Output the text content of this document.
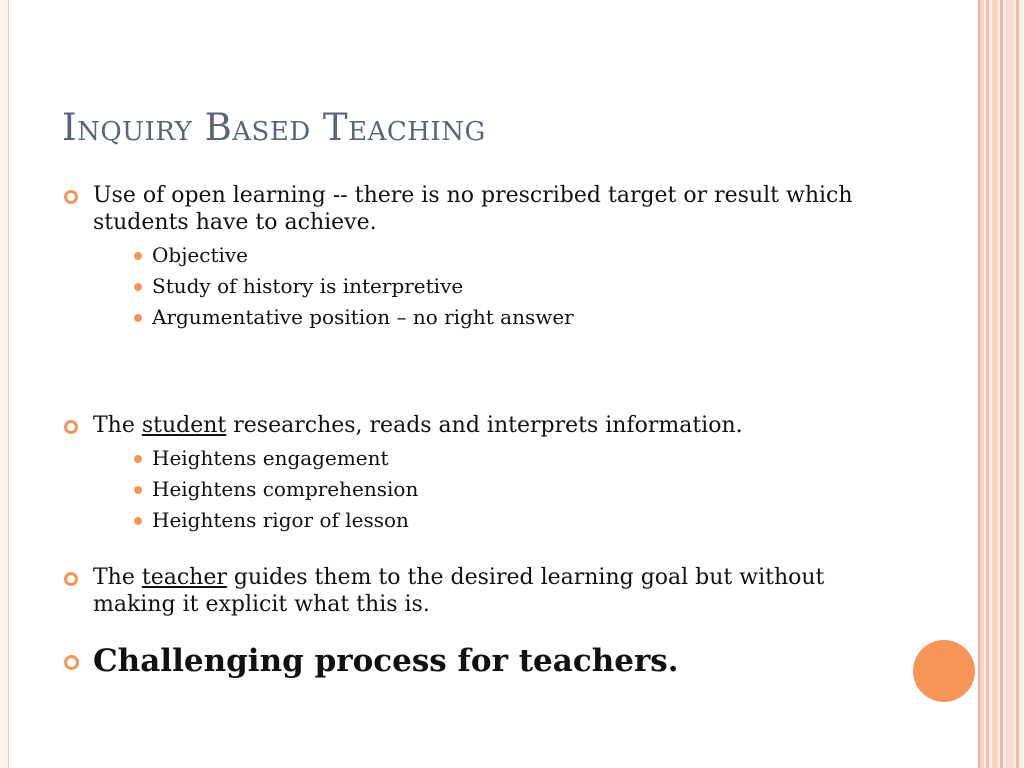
Inquiry Based Teaching
Use of open learning -- there is no prescribed target or result which students have to achieve.
Objective
Study of history is interpretive
Argumentative position – no right answer
The student researches, reads and interprets information.
Heightens engagement
Heightens comprehension
Heightens rigor of lesson
The teacher guides them to the desired learning goal but without making it explicit what this is.
Challenging process for teachers.
